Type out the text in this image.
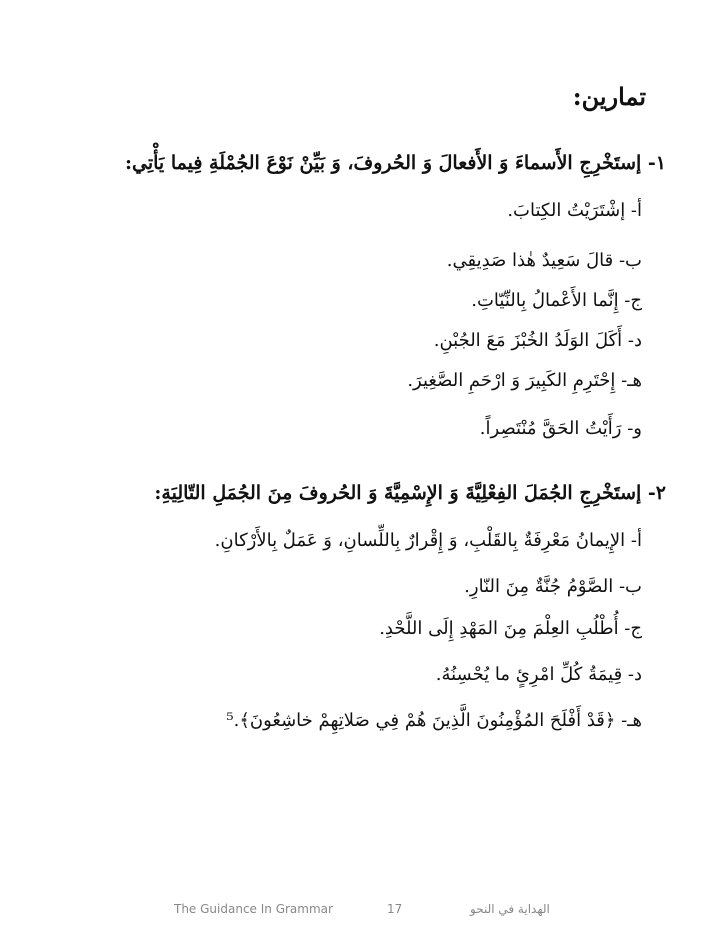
تمارين:
١- إستَخْرِجِ الأَسماءَ وَ الأَفعالَ وَ الحُروفَ، وَ بَيِّنْ نَوْعَ الجُمْلَةِ فِيما يَأْتِي:
أ- إشْتَرَيْتُ الكِتابَ.
ب- قالَ سَعِيدٌ هٰذا صَدِيقِي.
ج- إِنَّما الأَعْمالُ بِالنِّيّاتِ.
د- أَكَلَ الوَلَدُ الخُبْزَ مَعَ الجُبْنِ.
هـ- إِحْتَرِمِ الكَبِيرَ وَ ارْحَمِ الصَّغِيرَ.
و- رَأَيْتُ الحَقَّ مُنْتَصِراً.
٢- إستَخْرِجِ الجُمَلَ الفِعْلِيَّةَ وَ الإِسْمِيَّةَ وَ الحُروفَ مِنَ الجُمَلِ التّالِيَةِ:
أ- الإِيمانُ مَعْرِفَةٌ بِالقَلْبِ، وَ إِقْرارٌ بِاللِّسانِ، وَ عَمَلٌ بِالأَرْكانِ.
ب- الصَّوْمُ جُنَّةٌ مِنَ النّارِ.
ج- أُطْلُبِ العِلْمَ مِنَ المَهْدِ إِلَى اللَّحْدِ.
د- قِيمَةُ كُلِّ امْرِئٍ ما يُحْسِنُهُ.
هـ- ﴿قَدْ أَفْلَحَ المُؤْمِنُونَ الَّذِينَ هُمْ فِي صَلاتِهِمْ خاشِعُونَ﴾.⁵
The Guidance In Grammar	17	الهداية في النحو
